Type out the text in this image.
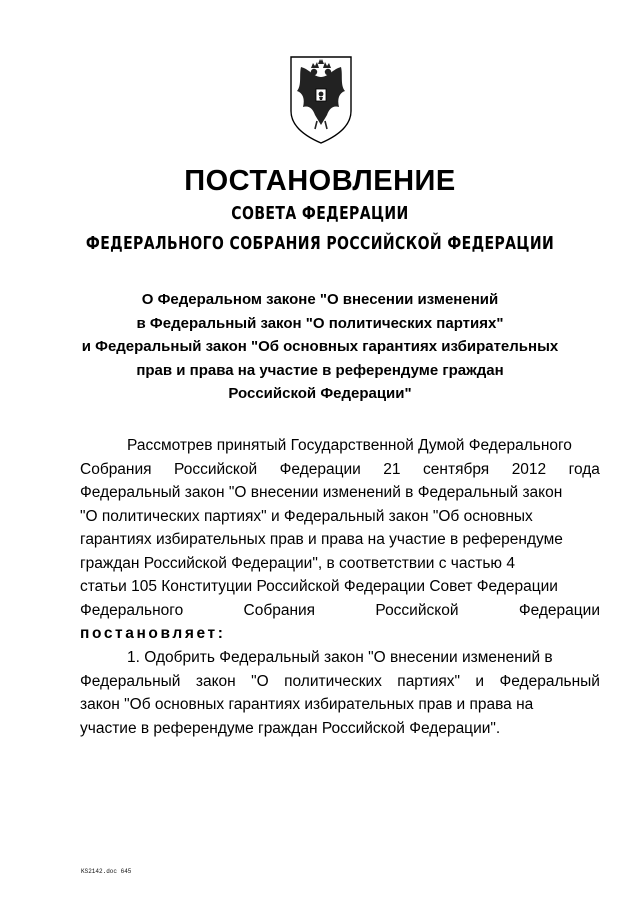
ПОСТАНОВЛЕНИЕ
СОВЕТА ФЕДЕРАЦИИ
ФЕДЕРАЛЬНОГО СОБРАНИЯ РОССИЙСКОЙ ФЕДЕРАЦИИ
О Федеральном законе "О внесении изменений
в Федеральный закон "О политических партиях"
и Федеральный закон "Об основных гарантиях избирательных
прав и права на участие в референдуме граждан
Российской Федерации"
Рассмотрев принятый Государственной Думой Федерального
Собрания Российской Федерации 21 сентября 2012 года
Федеральный закон "О внесении изменений в Федеральный закон
"О политических партиях" и Федеральный закон "Об основных
гарантиях избирательных прав и права на участие в референдуме
граждан Российской Федерации", в соответствии с частью 4
статьи 105 Конституции Российской Федерации Совет Федерации
Федерального	Собрания	Российской	Федерации
постановляет:
1. Одобрить Федеральный закон "О внесении изменений в
Федеральный закон "О политических партиях" и Федеральный
закон "Об основных гарантиях избирательных прав и права на
участие в референдуме граждан Российской Федерации".
KS2142.doc 645
